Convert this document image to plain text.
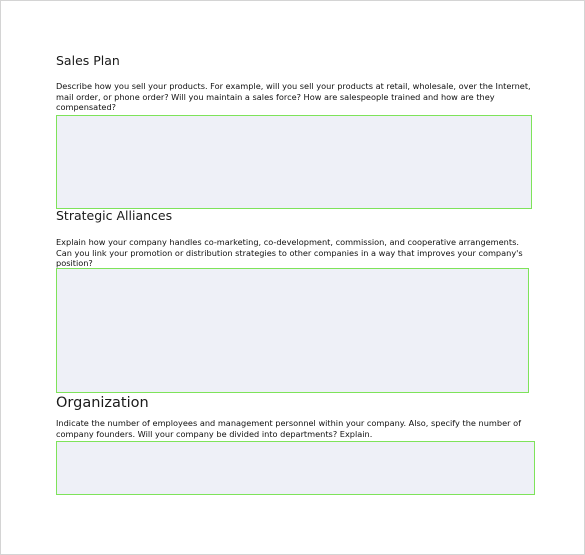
Sales Plan

Describe how you sell your products. For example, will you sell your products at retail, wholesale, over the Internet, mail order, or phone order? Will you maintain a sales force? How are salespeople trained and how are they compensated?

Strategic Alliances

Explain how your company handles co-marketing, co-development, commission, and cooperative arrangements. Can you link your promotion or distribution strategies to other companies in a way that improves your company's position?

Organization

Indicate the number of employees and management personnel within your company. Also, specify the number of company founders. Will your company be divided into departments? Explain.
